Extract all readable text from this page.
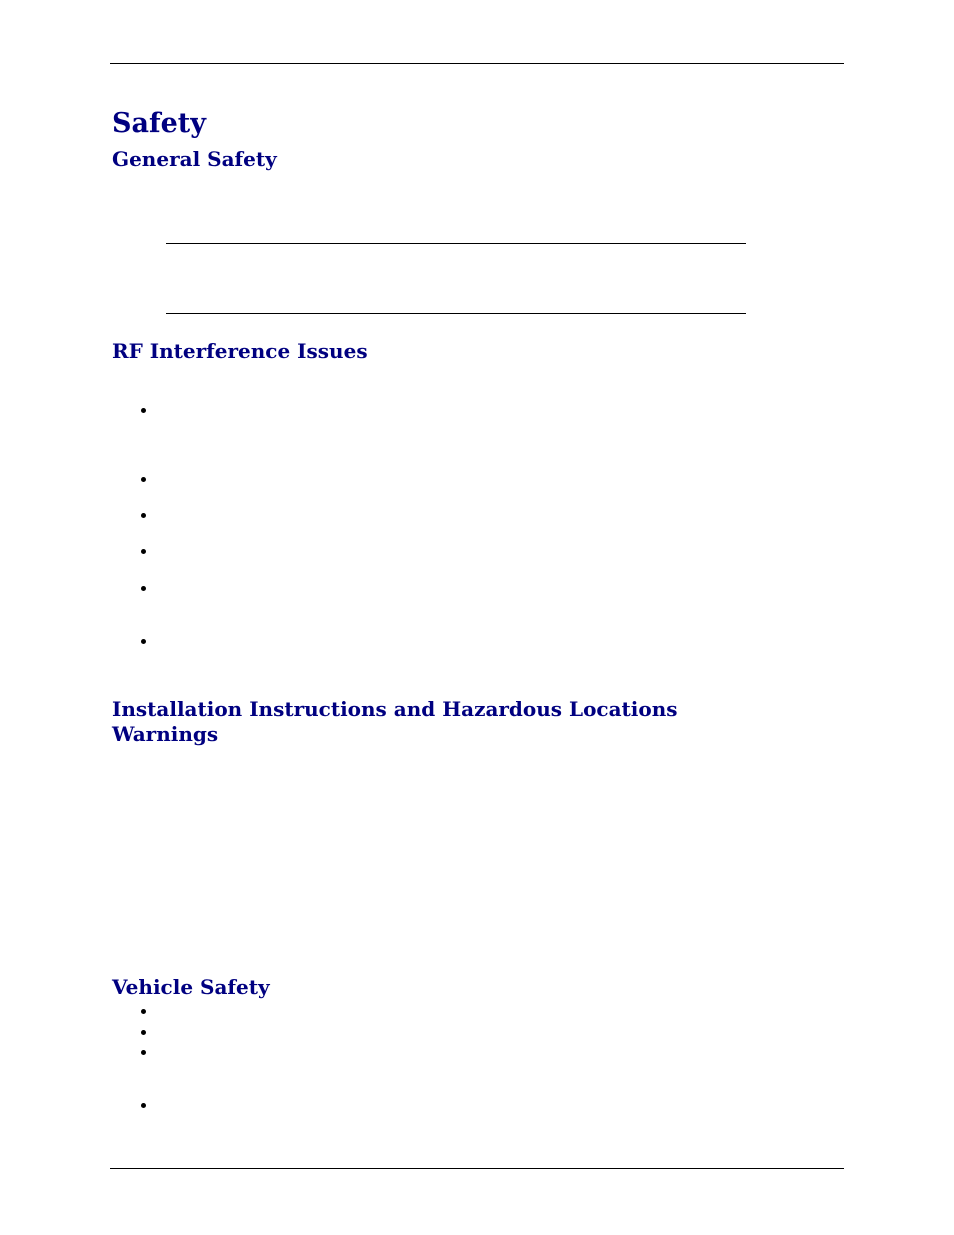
Safety
General Safety
RF Interference Issues
Installation Instructions and Hazardous Locations
Warnings
Vehicle Safety
